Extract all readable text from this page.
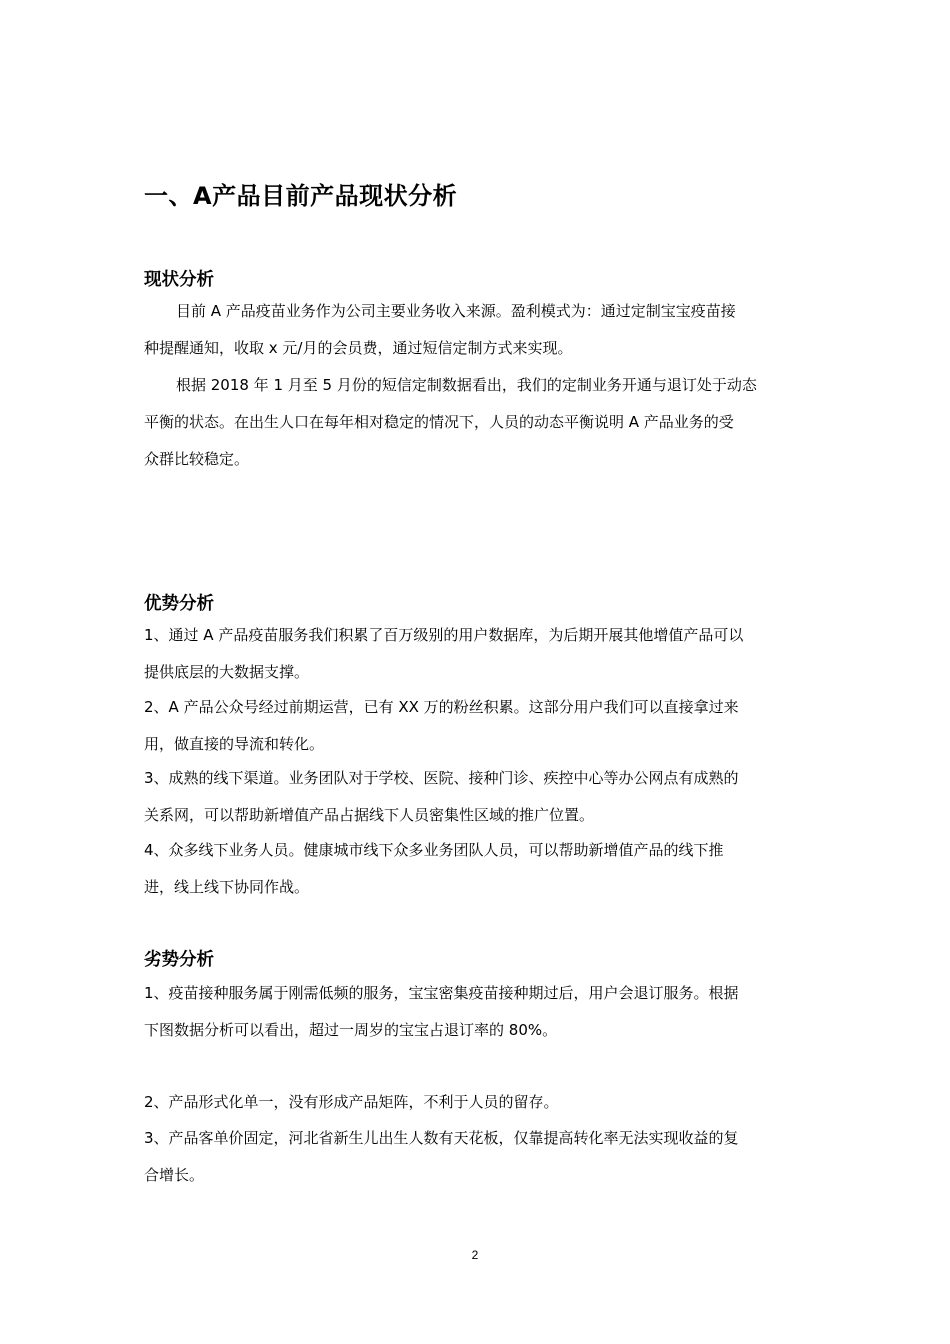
一、A产品目前产品现状分析
现状分析
目前 A 产品疫苗业务作为公司主要业务收入来源。盈利模式为：通过定制宝宝疫苗接
种提醒通知，收取 x 元/月的会员费，通过短信定制方式来实现。
根据 2018 年 1 月至 5 月份的短信定制数据看出，我们的定制业务开通与退订处于动态
平衡的状态。在出生人口在每年相对稳定的情况下，人员的动态平衡说明 A 产品业务的受
众群比较稳定。
优势分析
1、通过 A 产品疫苗服务我们积累了百万级别的用户数据库，为后期开展其他增值产品可以
提供底层的大数据支撑。
2、A 产品公众号经过前期运营，已有 XX 万的粉丝积累。这部分用户我们可以直接拿过来
用，做直接的导流和转化。
3、成熟的线下渠道。业务团队对于学校、医院、接种门诊、疾控中心等办公网点有成熟的
关系网，可以帮助新增值产品占据线下人员密集性区域的推广位置。
4、众多线下业务人员。健康城市线下众多业务团队人员，可以帮助新增值产品的线下推
进，线上线下协同作战。
劣势分析
1、疫苗接种服务属于刚需低频的服务，宝宝密集疫苗接种期过后，用户会退订服务。根据
下图数据分析可以看出，超过一周岁的宝宝占退订率的 80%。
2、产品形式化单一，没有形成产品矩阵，不利于人员的留存。
3、产品客单价固定，河北省新生儿出生人数有天花板，仅靠提高转化率无法实现收益的复
合增长。
2
